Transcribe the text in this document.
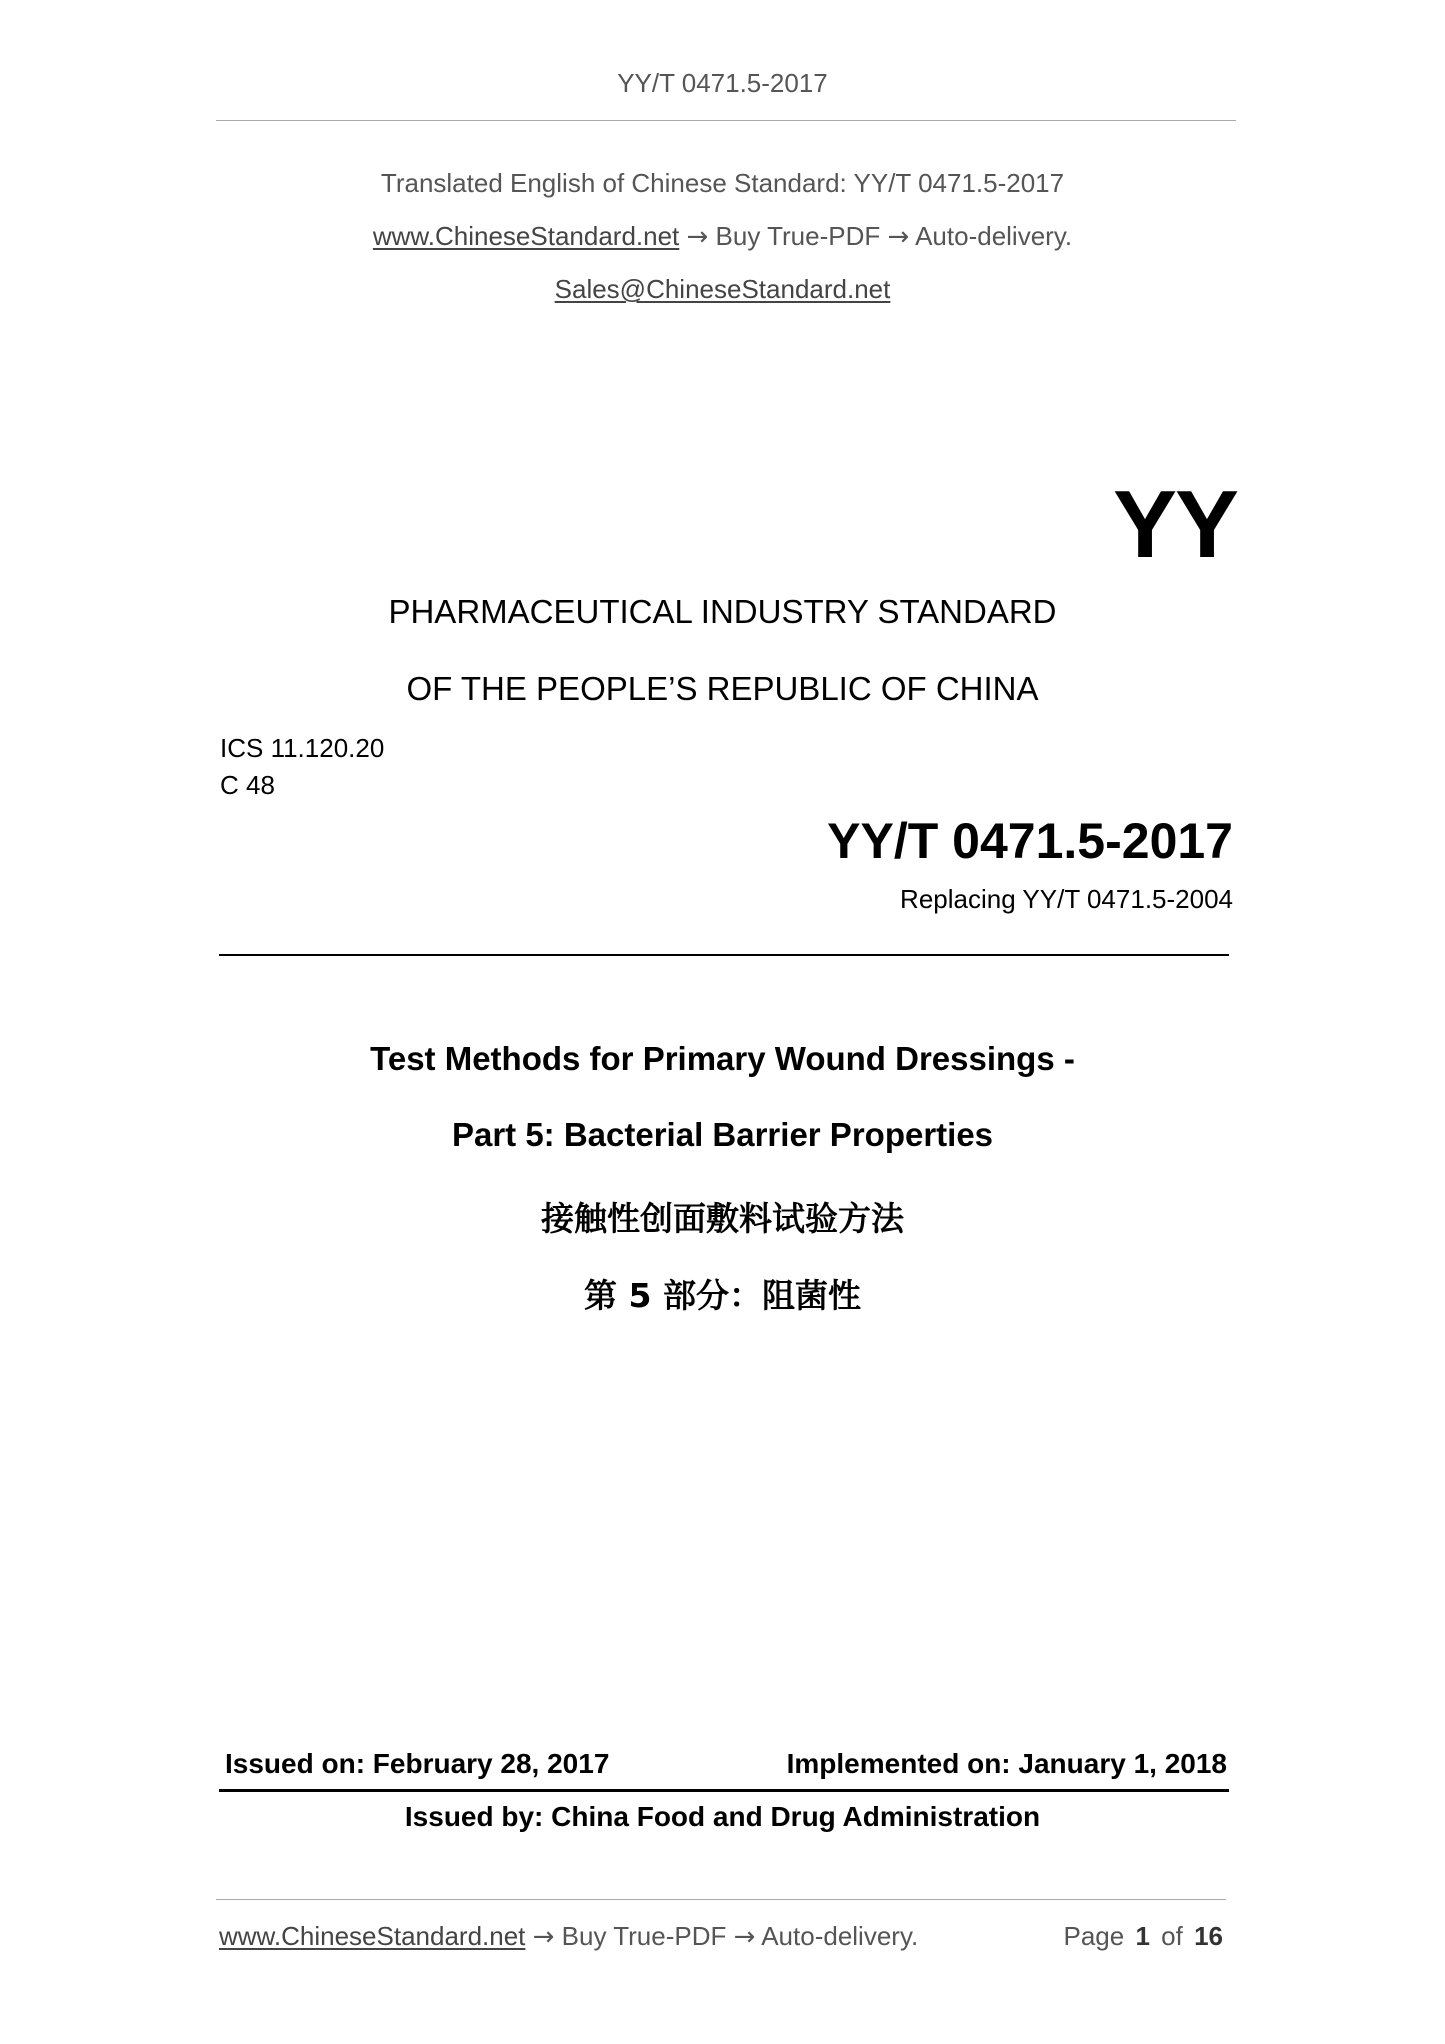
YY/T 0471.5-2017
Translated English of Chinese Standard: YY/T 0471.5-2017
www.ChineseStandard.net → Buy True-PDF → Auto-delivery.
Sales@ChineseStandard.net
YY
PHARMACEUTICAL INDUSTRY STANDARD
OF THE PEOPLE’S REPUBLIC OF CHINA
ICS 11.120.20
C 48
YY/T 0471.5-2017
Replacing YY/T 0471.5-2004
Test Methods for Primary Wound Dressings -
Part 5: Bacterial Barrier Properties
接触性创面敷料试验方法
第 5 部分：阻菌性
Issued on: February 28, 2017	Implemented on: January 1, 2018
Issued by: China Food and Drug Administration
www.ChineseStandard.net → Buy True-PDF → Auto-delivery.	Page 1 of 16
